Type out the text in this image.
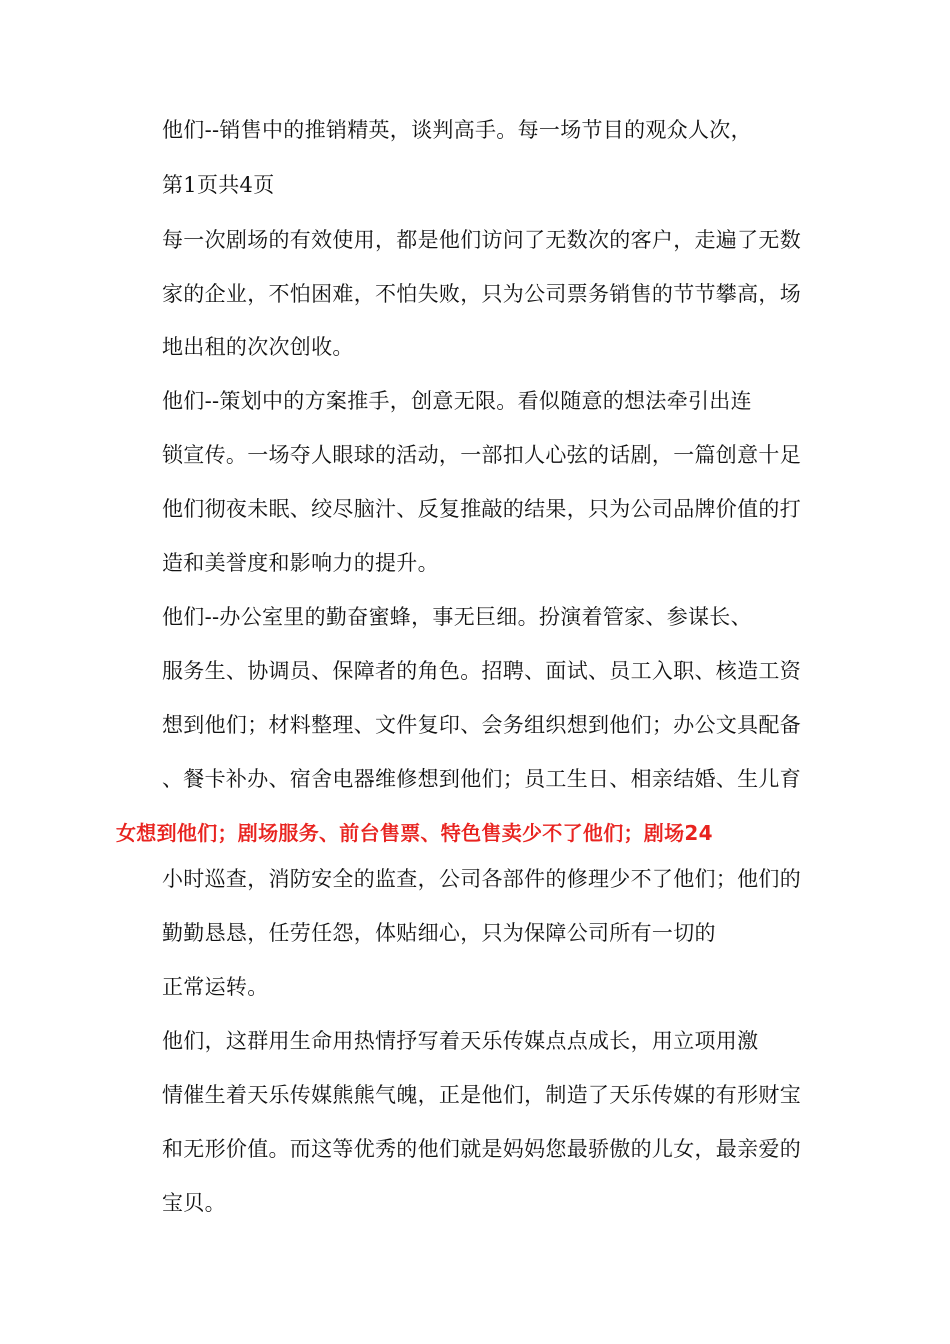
他们--销售中的推销精英，谈判高手。每一场节目的观众人次，
第1页共4页
每一次剧场的有效使用，都是他们访问了无数次的客户，走遍了无数
家的企业，不怕困难，不怕失败，只为公司票务销售的节节攀高，场
地出租的次次创收。
他们--策划中的方案推手，创意无限。看似随意的想法牵引出连
锁宣传。一场夺人眼球的活动，一部扣人心弦的话剧，一篇创意十足
他们彻夜未眠、绞尽脑汁、反复推敲的结果，只为公司品牌价值的打
造和美誉度和影响力的提升。
他们--办公室里的勤奋蜜蜂，事无巨细。扮演着管家、参谋长、
服务生、协调员、保障者的角色。招聘、面试、员工入职、核造工资
想到他们；材料整理、文件复印、会务组织想到他们；办公文具配备
、餐卡补办、宿舍电器维修想到他们；员工生日、相亲结婚、生儿育
女想到他们；剧场服务、前台售票、特色售卖少不了他们；剧场24
小时巡查，消防安全的监查，公司各部件的修理少不了他们；他们的
勤勤恳恳，任劳任怨，体贴细心，只为保障公司所有一切的
正常运转。
他们，这群用生命用热情抒写着天乐传媒点点成长，用立项用激
情催生着天乐传媒熊熊气魄，正是他们，制造了天乐传媒的有形财宝
和无形价值。而这等优秀的他们就是妈妈您最骄傲的儿女，最亲爱的
宝贝。
